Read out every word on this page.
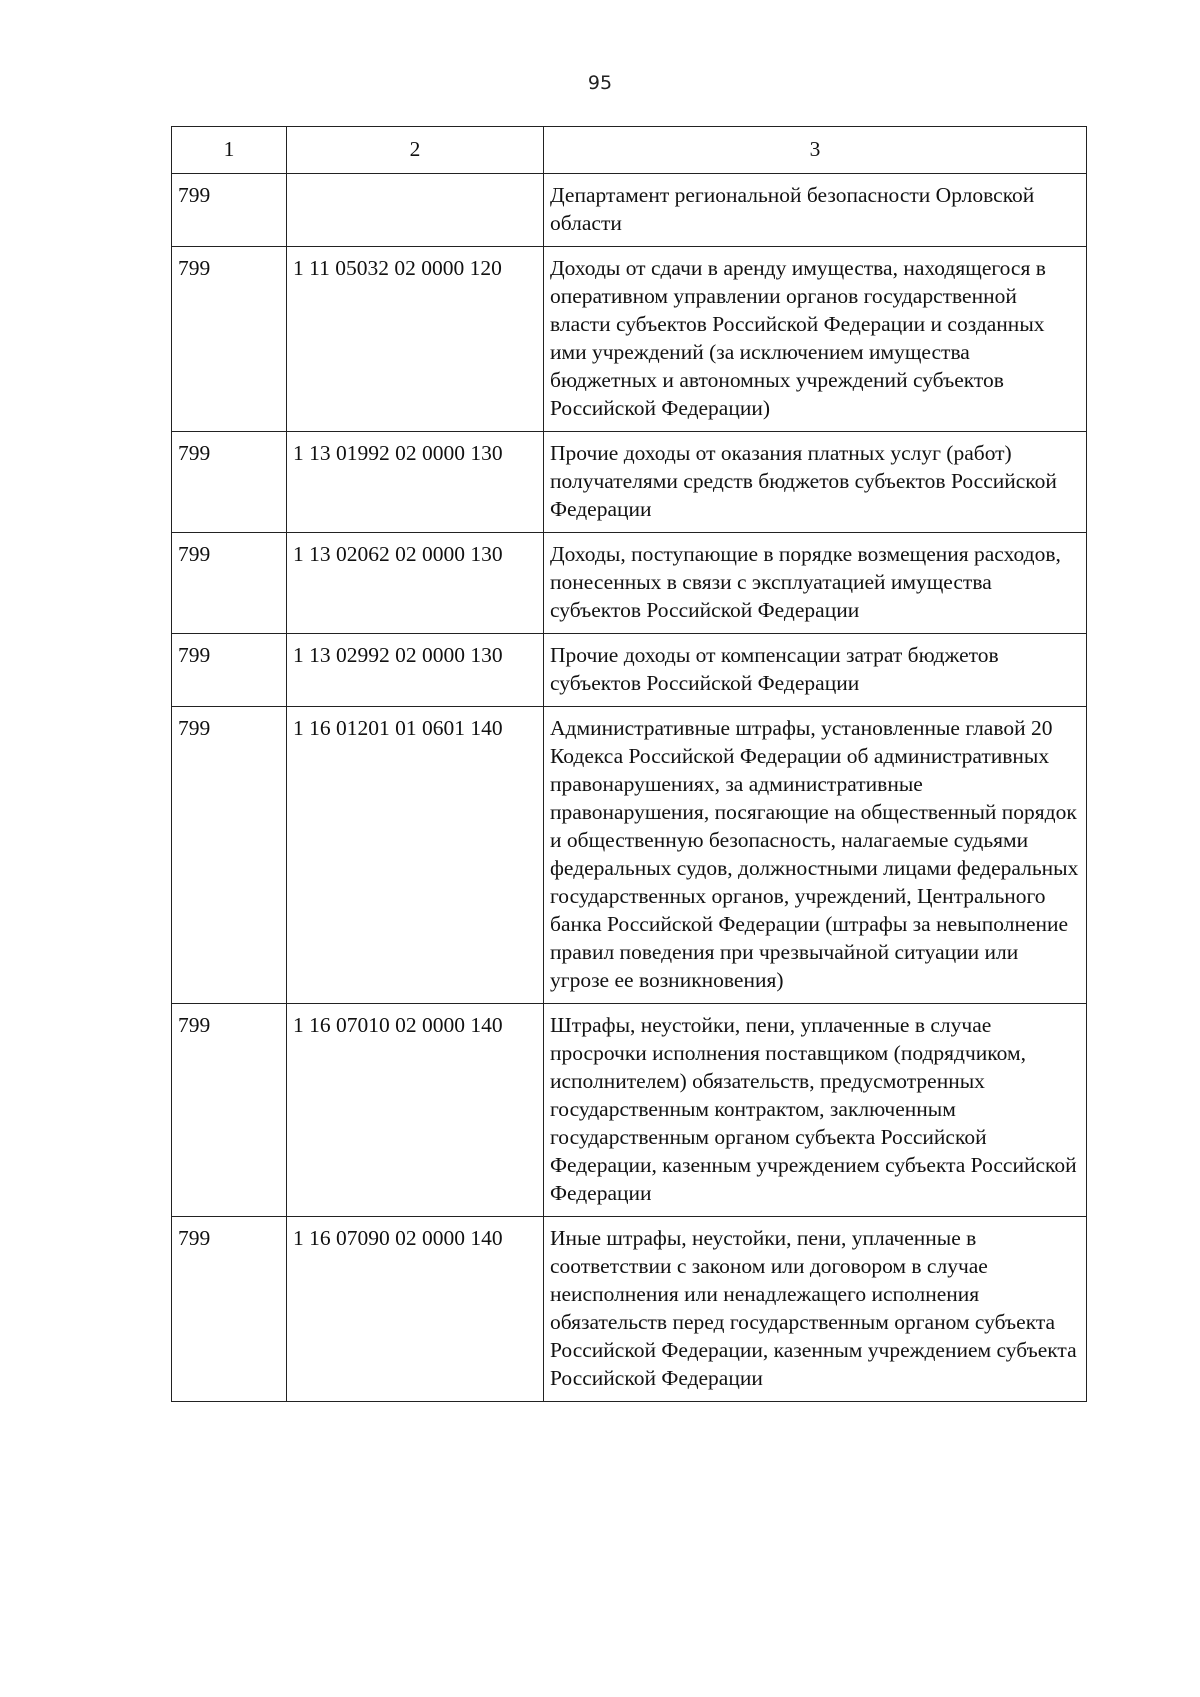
95
1	2	3
799		Департамент региональной безопасности Орловской области
799	1 11 05032 02 0000 120	Доходы от сдачи в аренду имущества, находящегося в оперативном управлении органов государственной власти субъектов Российской Федерации и созданных ими учреждений (за исключением имущества бюджетных и автономных учреждений субъектов Российской Федерации)
799	1 13 01992 02 0000 130	Прочие доходы от оказания платных услуг (работ) получателями средств бюджетов субъектов Российской Федерации
799	1 13 02062 02 0000 130	Доходы, поступающие в порядке возмещения расходов, понесенных в связи с эксплуатацией имущества субъектов Российской Федерации
799	1 13 02992 02 0000 130	Прочие доходы от компенсации затрат бюджетов субъектов Российской Федерации
799	1 16 01201 01 0601 140	Административные штрафы, установленные главой 20 Кодекса Российской Федерации об административных правонарушениях, за административные правонарушения, посягающие на общественный порядок и общественную безопасность, налагаемые судьями федеральных судов, должностными лицами федеральных государственных органов, учреждений, Центрального банка Российской Федерации (штрафы за невыполнение правил поведения при чрезвычайной ситуации или угрозе ее возникновения)
799	1 16 07010 02 0000 140	Штрафы, неустойки, пени, уплаченные в случае просрочки исполнения поставщиком (подрядчиком, исполнителем) обязательств, предусмотренных государственным контрактом, заключенным государственным органом субъекта Российской Федерации, казенным учреждением субъекта Российской Федерации
799	1 16 07090 02 0000 140	Иные штрафы, неустойки, пени, уплаченные в соответствии с законом или договором в случае неисполнения или ненадлежащего исполнения обязательств перед государственным органом субъекта Российской Федерации, казенным учреждением субъекта Российской Федерации
